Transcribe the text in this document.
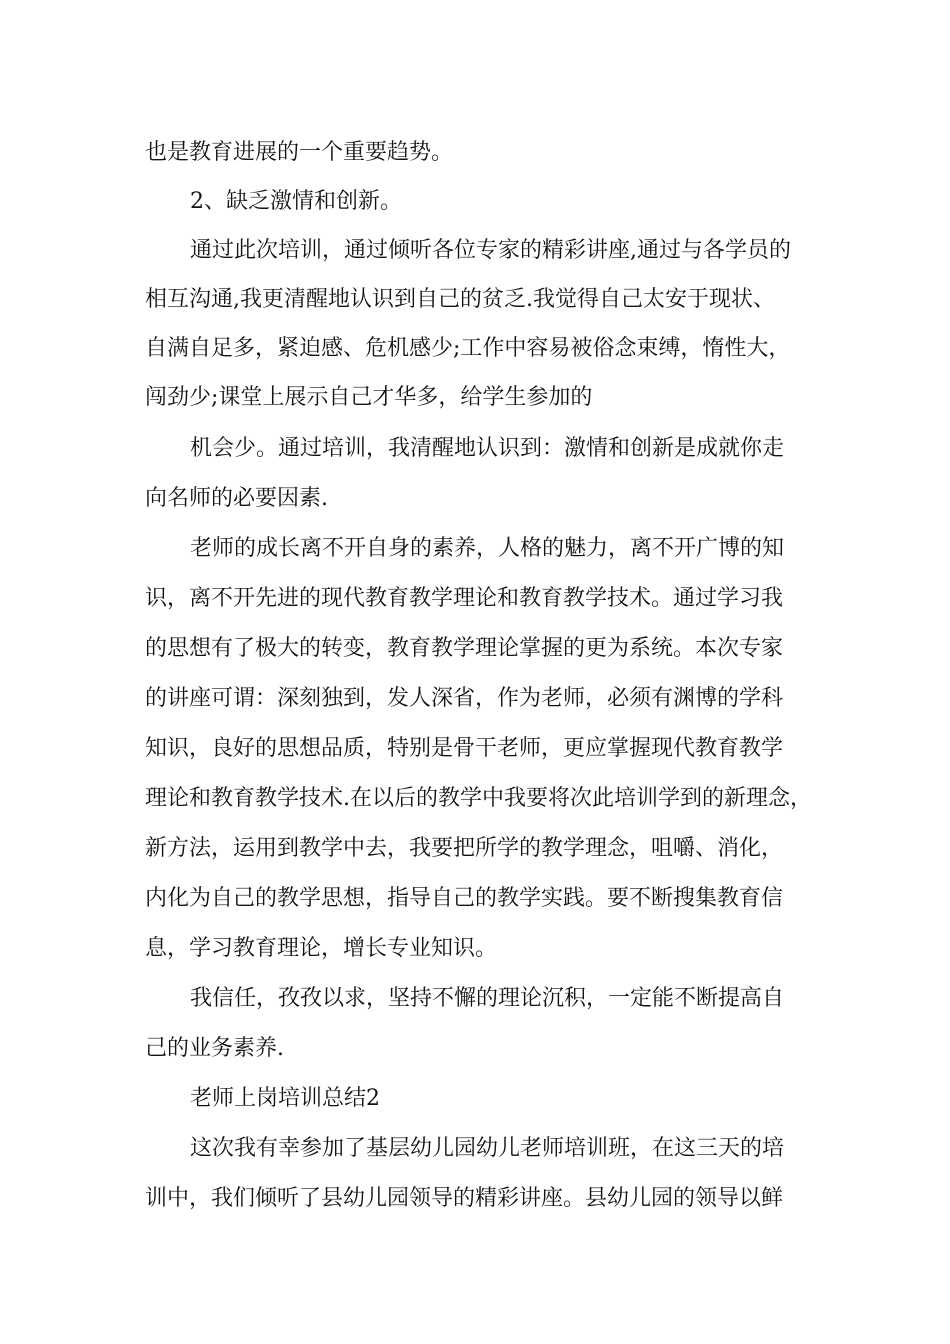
也是教育进展的一个重要趋势。
2、缺乏激情和创新。
通过此次培训，通过倾听各位专家的精彩讲座,通过与各学员的
相互沟通,我更清醒地认识到自己的贫乏.我觉得自己太安于现状、
自满自足多，紧迫感、危机感少;工作中容易被俗念束缚，惰性大，
闯劲少;课堂上展示自己才华多，给学生参加的
机会少。通过培训，我清醒地认识到：激情和创新是成就你走
向名师的必要因素.
老师的成长离不开自身的素养，人格的魅力，离不开广博的知
识，离不开先进的现代教育教学理论和教育教学技术。通过学习我
的思想有了极大的转变，教育教学理论掌握的更为系统。本次专家
的讲座可谓：深刻独到，发人深省，作为老师，必须有渊博的学科
知识，良好的思想品质，特别是骨干老师，更应掌握现代教育教学
理论和教育教学技术.在以后的教学中我要将次此培训学到的新理念，
新方法，运用到教学中去，我要把所学的教学理念，咀嚼、消化，
内化为自己的教学思想，指导自己的教学实践。要不断搜集教育信
息，学习教育理论，增长专业知识。
我信任，孜孜以求，坚持不懈的理论沉积，一定能不断提高自
己的业务素养.
老师上岗培训总结2
这次我有幸参加了基层幼儿园幼儿老师培训班，在这三天的培
训中，我们倾听了县幼儿园领导的精彩讲座。县幼儿园的领导以鲜
